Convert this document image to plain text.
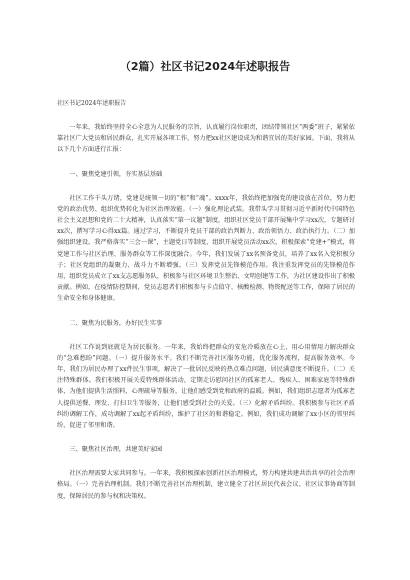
（2篇）社区书记2024年述职报告
社区书记2024年述职报告

一年来，我始终坚持全心全意为人民服务的宗旨，认真履行岗位职责，团结带领社区“两委”班子，紧紧依靠社区广大党员和居民群众，扎实开展各项工作，努力把xx社区建设成为和谐宜居的美好家园。下面，我将从以下几个方面进行汇报：

一、聚焦党建引领，夯实基层基础

社区工作千头万绪，党建是统领一切的“根”和“魂”。xxxx年，我始终把加强党的建设放在首位，努力把党的政治优势、组织优势转化为社区治理效能。（一）强化理论武装。我带头学习贯彻习近平新时代中国特色社会主义思想和党的二十大精神，认真落实“第一议题”制度，组织社区党员干部开展集中学习xx次，专题研讨xx次，撰写学习心得xx篇。通过学习，不断提升党员干部的政治判断力、政治领悟力、政治执行力。（二）加强组织建设。我严格落实“三会一课”，主题党日等制度，组织开展党员活动xx次，积极探索“党建+”模式，将党建工作与社区治理、服务群众等工作深度融合。今年，我们发展了xx名预备党员，培养了xx名入党积极分子；社区党组织的凝聚力、战斗力不断增强。（三）发挥党员先锋模范作用。我注重发挥党员的先锋模范作用，组织党员成立了xx支志愿服务队，积极参与社区环境卫生整治、文明创建等工作，为社区建设作出了积极贡献。例如，在疫情防控期间，党员志愿者们积极参与卡点值守、核酸检测、物资配送等工作，保障了居民的生命安全和身体健康。

二、聚焦为民服务，办好民生实事

社区工作说到底就是为居民服务。一年来，我始终把群众的安危冷暖放在心上，用心用情用力解决群众的“急难愁盼”问题。（一）提升服务水平。我们不断完善社区服务功能，优化服务流程，提高服务效率。今年，我们为居民办理了xx件民生事项，解决了一批居民反映的热点难点问题，居民满意度不断提升。（二）关注特殊群体。我们积极开展关爱特殊群体活动，定期走访慰问社区的孤寡老人、残疾人、困难家庭等特殊群体，为他们提供生活照料、心理疏导等服务，让他们感受到党和政府的温暖。例如，我们组织志愿者为孤寡老人提供送餐、理发、打扫卫生等服务，让他们感受到社会的关爱。（三）化解矛盾纠纷。我积极参与社区矛盾纠纷调解工作，成功调解了xx起矛盾纠纷，维护了社区的和谐稳定。例如，我们成功调解了xx小区的邻里纠纷，促进了邻里和谐。

三、聚焦社区治理，共建美好家园

社区治理需要大家共同参与。一年来，我积极探索创新社区治理模式，努力构建共建共治共享的社会治理格局。（一）完善治理机制。我们不断完善社区治理机制，建立健全了社区居民代表会议、社区议事协商等制度，保障居民的参与权和决策权。
